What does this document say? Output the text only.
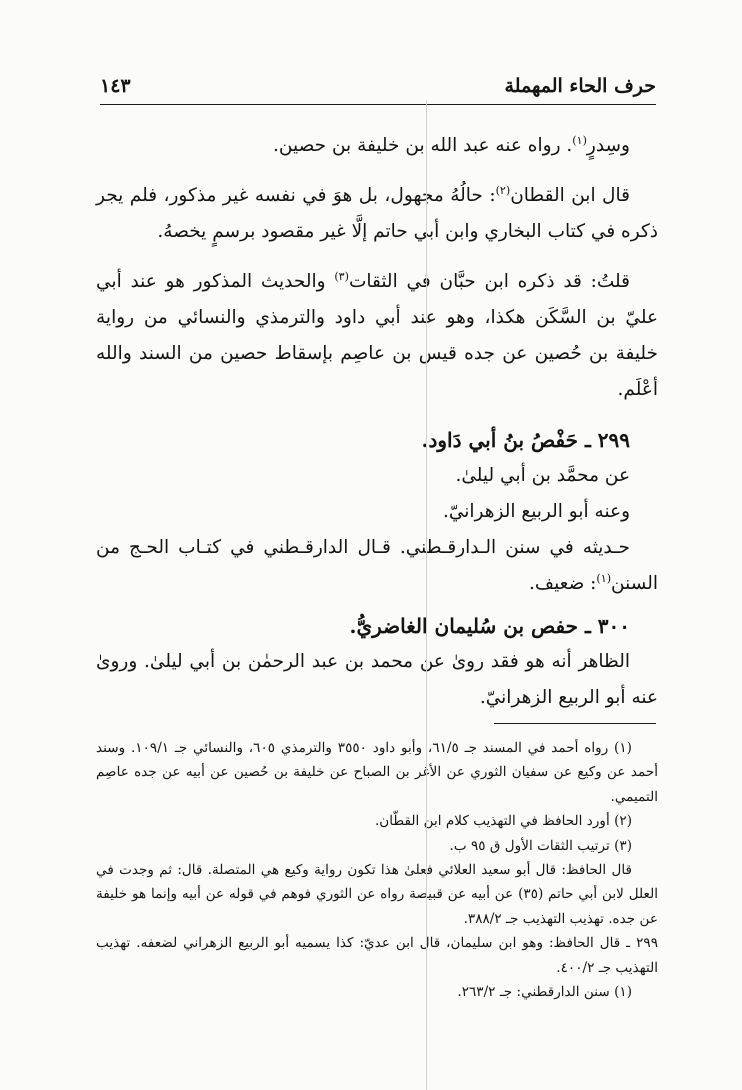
حرف الحاء المهملة
١٤٣

وسِدرٍ$^{(١)}$. رواه عنه عبد الله بن خليفة بن حصين.

قال ابن القطان$^{(٢)}$: حالُهُ مجهول، بل هوَ في نفسه غير مذكور، فلم يجر ذكره في كتاب البخاري وابن أبي حاتم إلَّا غير مقصود برسمٍ يخصهُ.

قلتُ: قد ذكره ابن حبَّان في الثقات$^{(٣)}$ والحديث المذكور هو عند أبي عليّ بن السَّكَن هكذا، وهو عند أبي داود والترمذي والنسائي من رواية خليفة بن حُصين عن جده قيس بن عاصِم بإسقاط حصين من السند والله أعْلَم.

٢٩٩ ـ حَفْصُ بنُ أبي دَاود.

عن محمَّد بن أبي ليلىٰ.

وعنه أبو الربيع الزهرانيّ.

حـديثه في سنن الـدارقـطني. قـال الدارقـطني في كتـاب الحـج من السنن$^{(١)}$: ضعيف.

٣٠٠ ـ حفص بن سُليمان الغاضريُّ.

الظاهر أنه هو فقد روىٰ عن محمد بن عبد الرحمٰن بن أبي ليلىٰ. وروىٰ عنه أبو الربيع الزهرانيّ.

(١) رواه أحمد في المسند جـ ٦١/٥، وأبو داود ٣٥٥٠ والترمذي ٦٠٥، والنسائي جـ ١٠٩/١. وسند أحمد عن وكيع عن سفيان الثوري عن الأغر بن الصباح عن خليفة بن حُصين عن أبيه عن جده عاصِم التميمي.

(٢) أورد الحافظ في التهذيب كلام ابن القطّان.

(٣) ترتيب الثقات الأول ق ٩٥ ب.

قال الحافظ: قال أبو سعيد العلائي فعلىٰ هذا تكون رواية وكيع هي المتصلة. قال: ثم وجدت في العلل لابن أبي حاتم (٣٥) عن أبيه عن قبيصة رواه عن الثوري فوهم في قوله عن أبيه وإنما هو خليفة عن جده. تهذيب التهذيب جـ ٣٨٨/٢.

٢٩٩ ـ قال الحافظ: وهو ابن سليمان، قال ابن عديّ: كذا يسميه أبو الربيع الزهراني لضعفه. تهذيب التهذيب جـ ٤٠٠/٢.

(١) سنن الدارقطني: جـ ٢٦٣/٢.
